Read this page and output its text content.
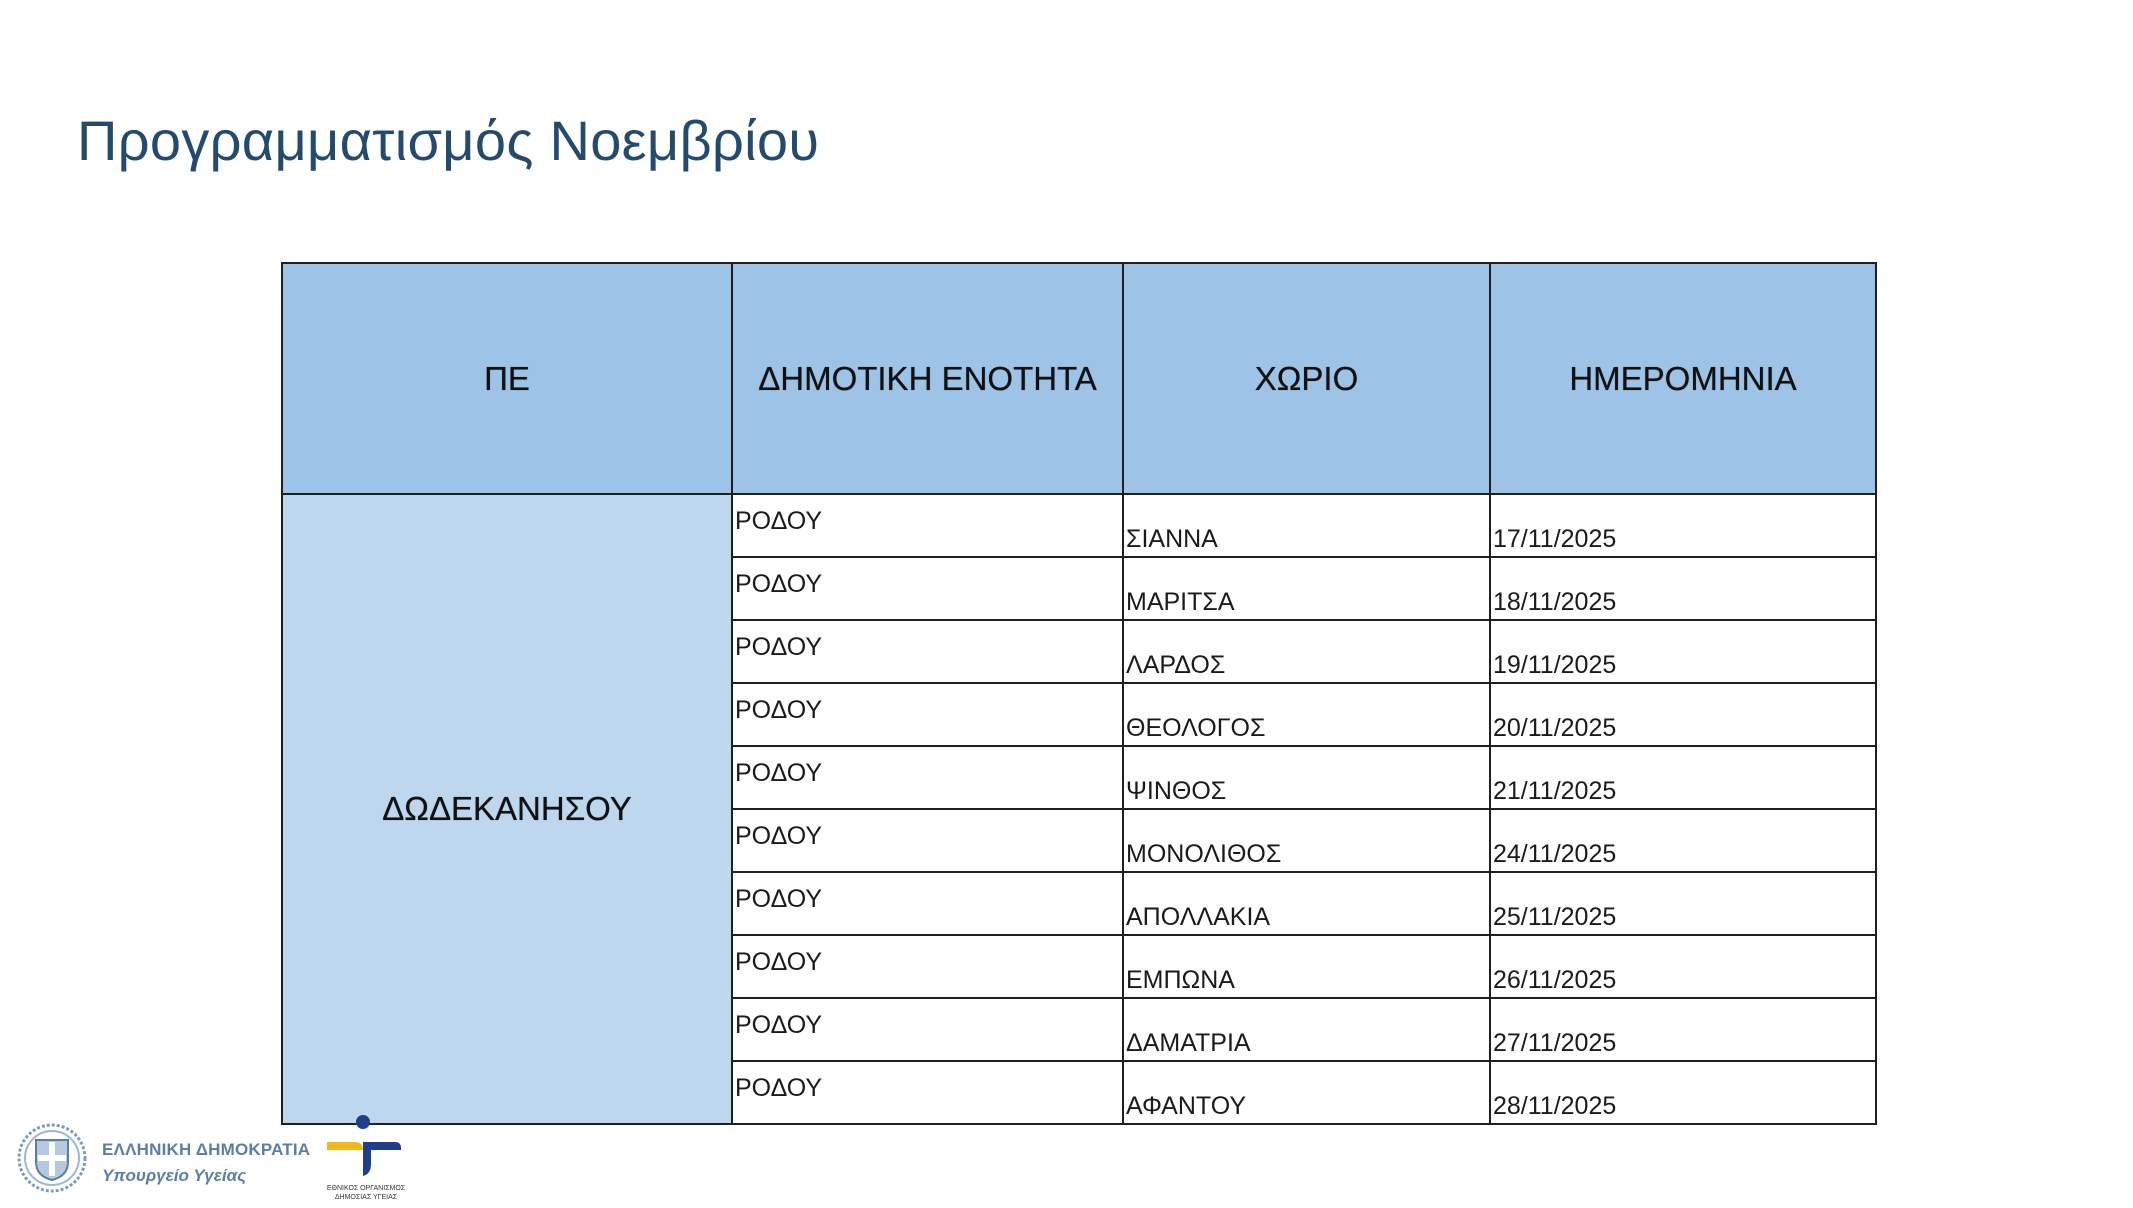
Προγραμματισμός Νοεμβρίου
ΠΕ	ΔΗΜΟΤΙΚΗ ΕΝΟΤΗΤΑ	ΧΩΡΙΟ	ΗΜΕΡΟΜΗΝΙΑ
ΔΩΔΕΚΑΝΗΣΟΥ	ΡΟΔΟΥ	ΣΙΑΝΝΑ	17/11/2025
	ΡΟΔΟΥ	ΜΑΡΙΤΣΑ	18/11/2025
	ΡΟΔΟΥ	ΛΑΡΔΟΣ	19/11/2025
	ΡΟΔΟΥ	ΘΕΟΛΟΓΟΣ	20/11/2025
	ΡΟΔΟΥ	ΨΙΝΘΟΣ	21/11/2025
	ΡΟΔΟΥ	ΜΟΝΟΛΙΘΟΣ	24/11/2025
	ΡΟΔΟΥ	ΑΠΟΛΛΑΚΙΑ	25/11/2025
	ΡΟΔΟΥ	ΕΜΠΩΝΑ	26/11/2025
	ΡΟΔΟΥ	ΔΑΜΑΤΡΙΑ	27/11/2025
	ΡΟΔΟΥ	ΑΦΑΝΤΟΥ	28/11/2025
ΕΛΛΗΝΙΚΗ ΔΗΜΟΚΡΑΤΙΑ
Υπουργείο Υγείας
ΕΘΝΙΚΟΣ ΟΡΓΑΝΙΣΜΟΣ ΔΗΜΟΣΙΑΣ ΥΓΕΙΑΣ
